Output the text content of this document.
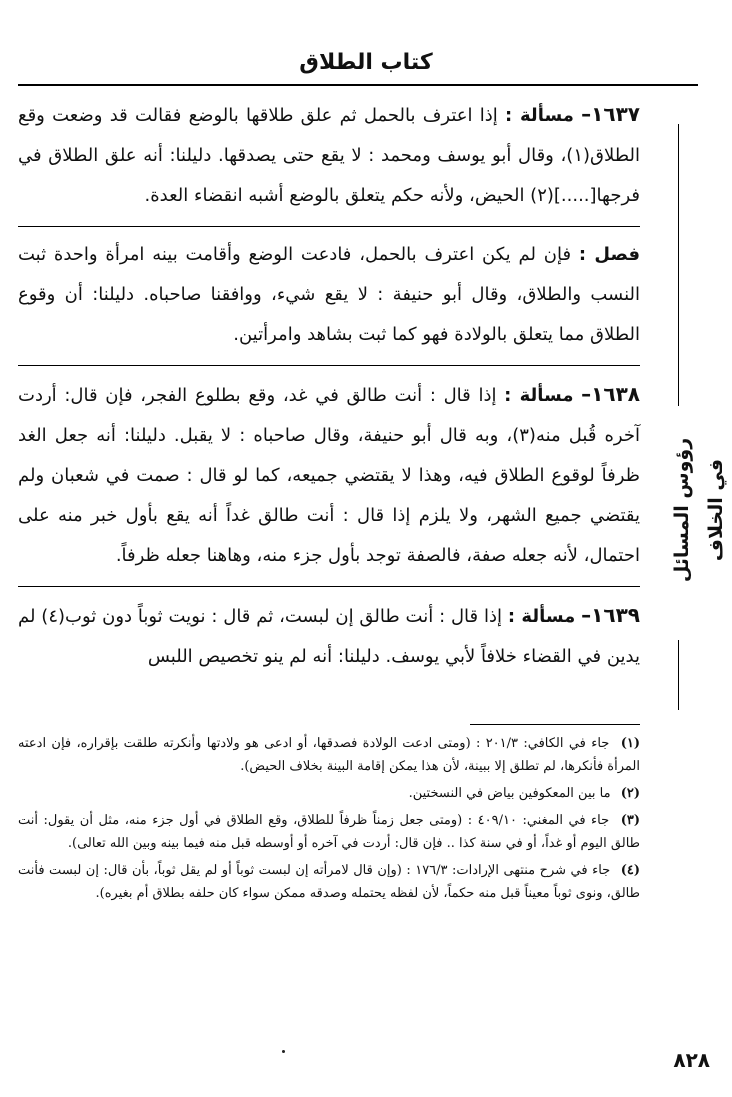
كتاب الطلاق
رؤوس المسائل في الخلاف
١٦٣٧– مسألة : إذا اعترف بالحمل ثم علق طلاقها بالوضع فقالت قد وضعت وقع الطلاق(١)، وقال أبو يوسف ومحمد : لا يقع حتى يصدقها. دليلنا: أنه علق الطلاق في فرجها[.....](٢) الحيض، ولأنه حكم يتعلق بالوضع أشبه انقضاء العدة.
فصل : فإن لم يكن اعترف بالحمل، فادعت الوضع وأقامت بينه امرأة واحدة ثبت النسب والطلاق، وقال أبو حنيفة : لا يقع شيء، ووافقنا صاحباه. دليلنا: أن وقوع الطلاق مما يتعلق بالولادة فهو كما ثبت بشاهد وامرأتين.
١٦٣٨– مسألة : إذا قال : أنت طالق في غد، وقع بطلوع الفجر، فإن قال: أردت آخره قُبل منه(٣)، وبه قال أبو حنيفة، وقال صاحباه : لا يقبل. دليلنا: أنه جعل الغد ظرفاً لوقوع الطلاق فيه، وهذا لا يقتضي جميعه، كما لو قال : صمت في شعبان ولم يقتضي جميع الشهر، ولا يلزم إذا قال : أنت طالق غداً أنه يقع بأول خبر منه على احتمال، لأنه جعله صفة، فالصفة توجد بأول جزء منه، وهاهنا جعله ظرفاً.
١٦٣٩– مسألة : إذا قال : أنت طالق إن لبست، ثم قال : نويت ثوباً دون ثوب(٤) لم يدين في القضاء خلافاً لأبي يوسف. دليلنا: أنه لم ينو تخصيص اللبس
(١) جاء في الكافي: ٢٠١/٣ : (ومتى ادعت الولادة فصدقها، أو ادعى هو ولادتها وأنكرته طلقت بإقراره، فإن ادعته المرأة فأنكرها، لم تطلق إلا ببينة، لأن هذا يمكن إقامة البينة بخلاف الحيض).
(٢) ما بين المعكوفين بياض في النسختين.
(٣) جاء في المغني: ٤٠٩/١٠ : (ومتى جعل زمناً ظرفاً للطلاق، وقع الطلاق في أول جزء منه، مثل أن يقول: أنت طالق اليوم أو غداً، أو في سنة كذا .. فإن قال: أردت في آخره أو أوسطه قبل منه فيما بينه وبين الله تعالى).
(٤) جاء في شرح منتهى الإرادات: ١٧٦/٣ : (وإن قال لامرأته إن لبست ثوباً أو لم يقل ثوباً، بأن قال: إن لبست فأنت طالق، ونوى ثوباً معيناً قبل منه حكماً، لأن لفظه يحتمله وصدقه ممكن سواء كان حلفه بطلاق أم بغيره).
٨٢٨
